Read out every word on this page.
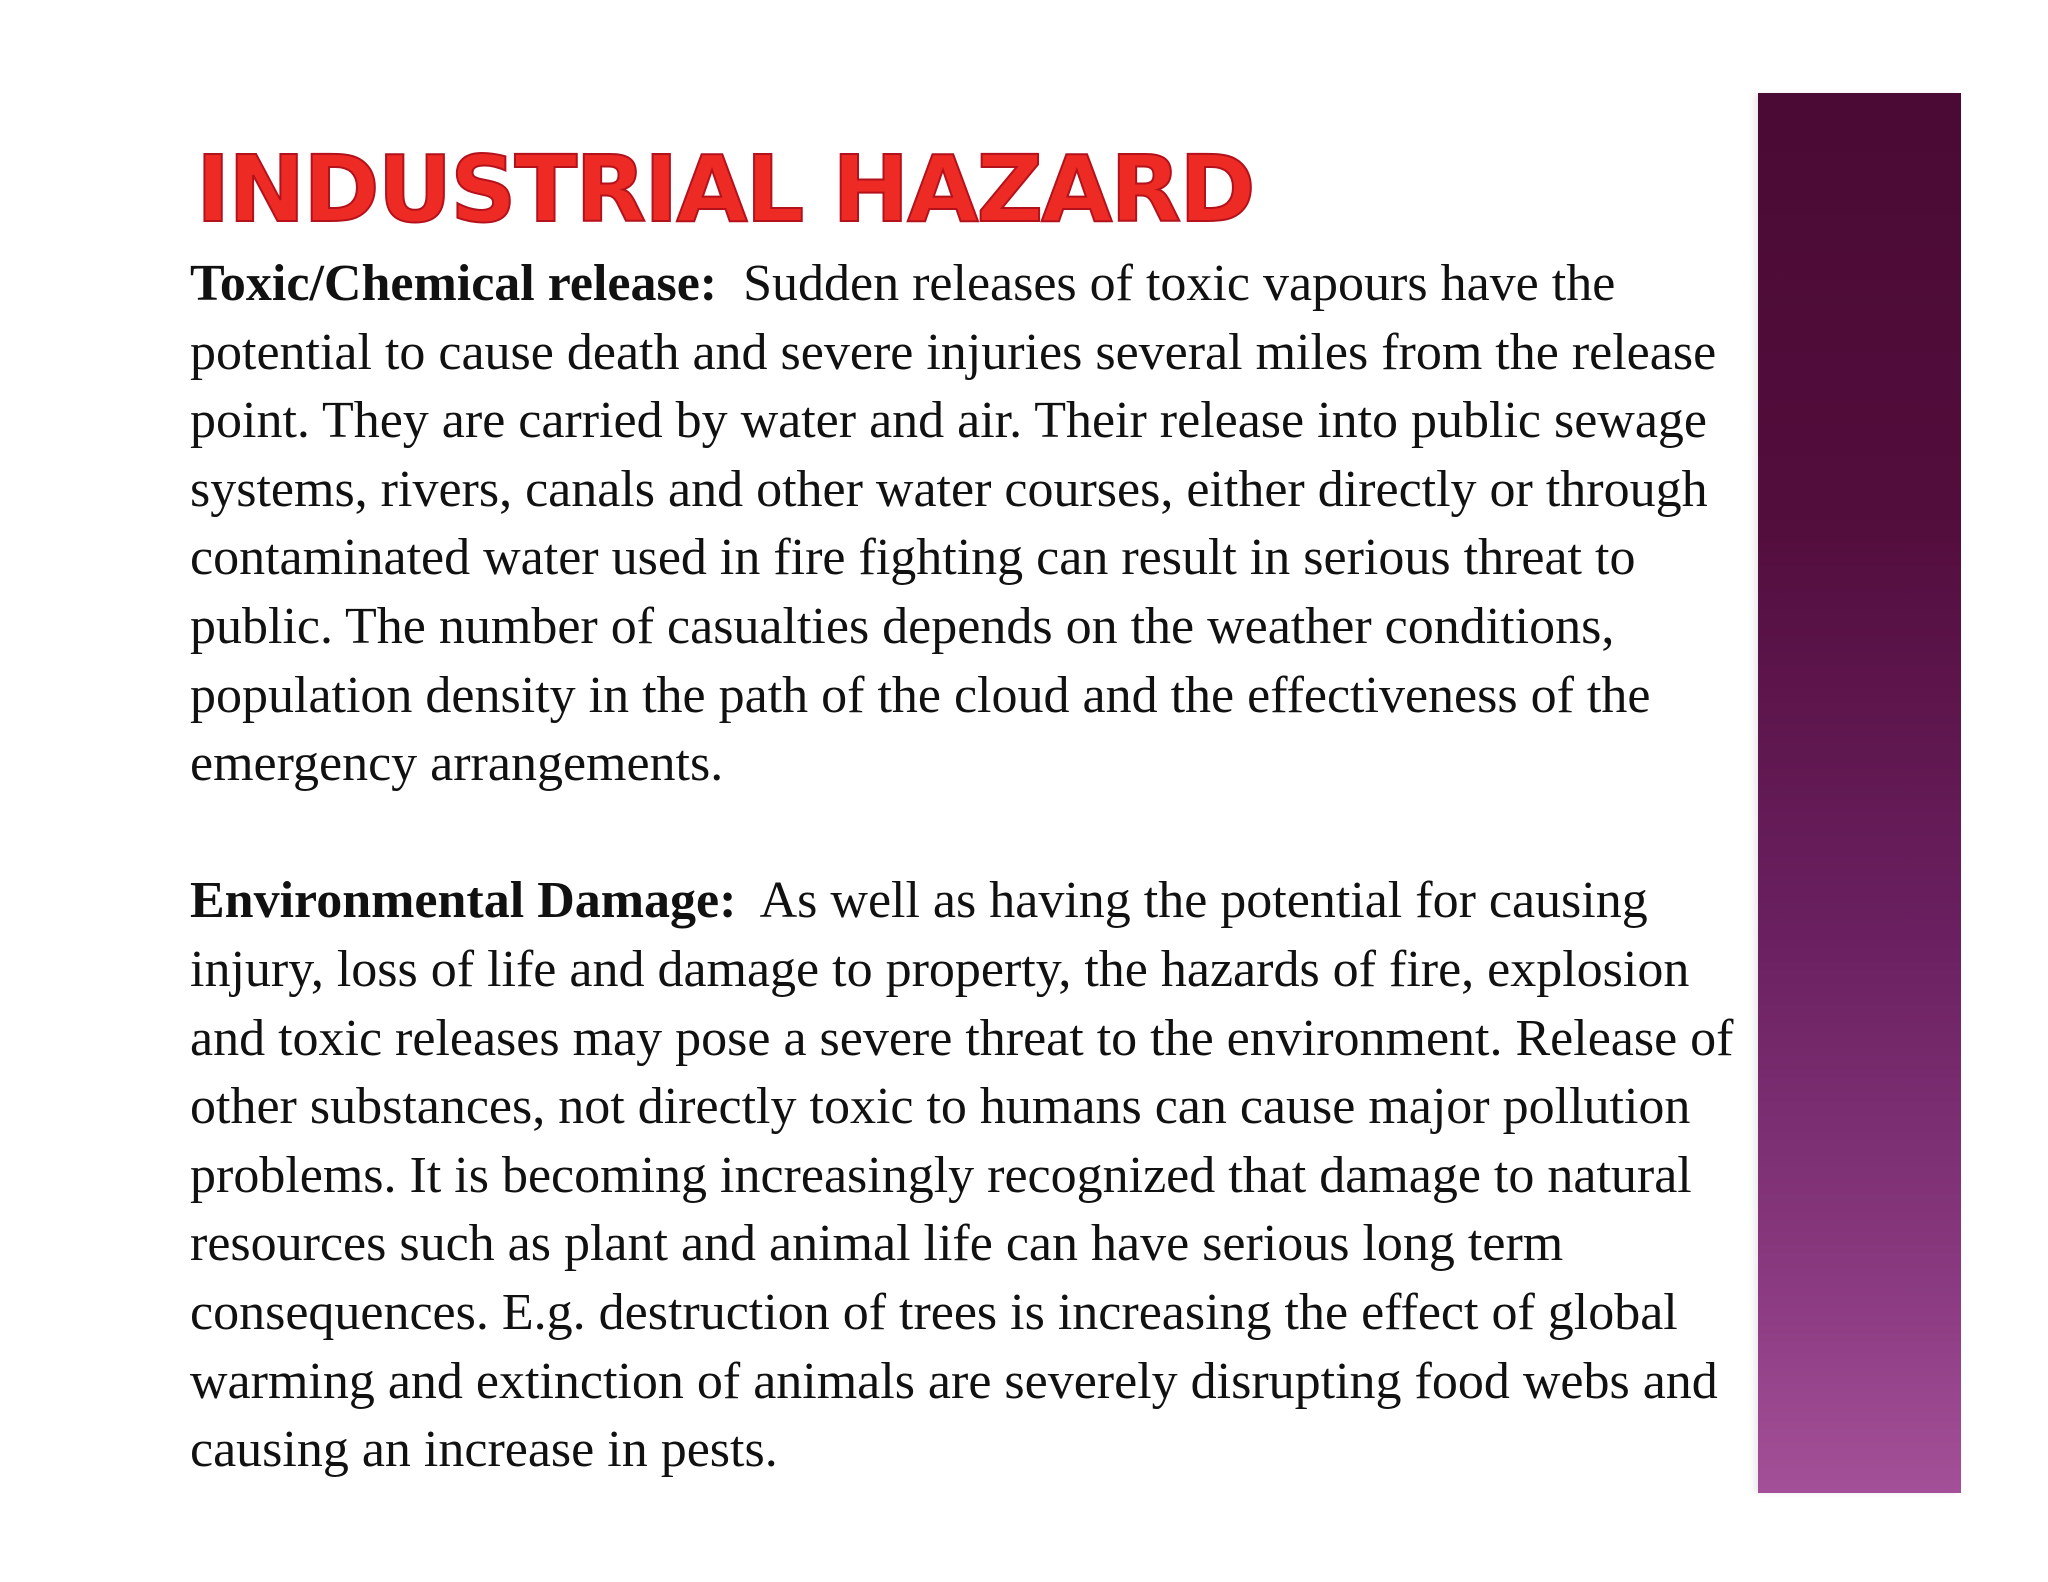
INDUSTRIAL HAZARD

Toxic/Chemical release: Sudden releases of toxic vapours have the
potential to cause death and severe injuries several miles from the release
point. They are carried by water and air. Their release into public sewage
systems, rivers, canals and other water courses, either directly or through
contaminated water used in fire fighting can result in serious threat to
public. The number of casualties depends on the weather conditions,
population density in the path of the cloud and the effectiveness of the
emergency arrangements.

Environmental Damage: As well as having the potential for causing
injury, loss of life and damage to property, the hazards of fire, explosion
and toxic releases may pose a severe threat to the environment. Release of
other substances, not directly toxic to humans can cause major pollution
problems. It is becoming increasingly recognized that damage to natural
resources such as plant and animal life can have serious long term
consequences. E.g. destruction of trees is increasing the effect of global
warming and extinction of animals are severely disrupting food webs and
causing an increase in pests.
